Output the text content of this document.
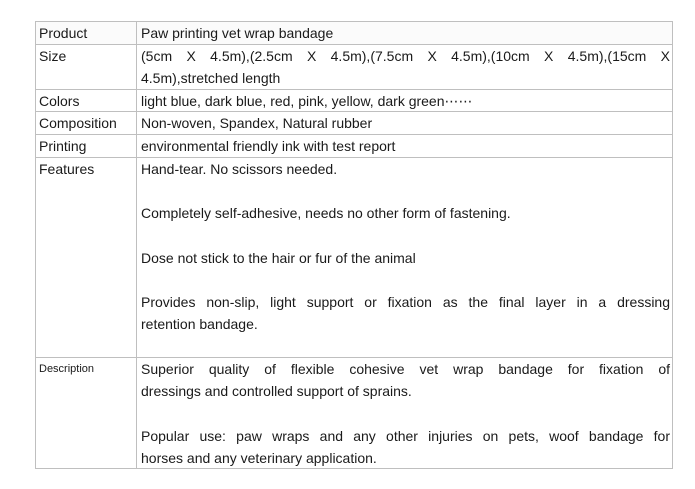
Product	Paw printing vet wrap bandage
Size	(5cm X 4.5m),(2.5cm X 4.5m),(7.5cm X 4.5m),(10cm X 4.5m),(15cm X
4.5m),stretched length
Colors	light blue, dark blue, red, pink, yellow, dark green⋯⋯
Composition	Non-woven, Spandex, Natural rubber
Printing	environmental friendly ink with test report
Features	Hand-tear. No scissors needed.
Completely self-adhesive, needs no other form of fastening.
Dose not stick to the hair or fur of the animal
Provides non-slip, light support or fixation as the final layer in a dressing
retention bandage.
Description	Superior quality of flexible cohesive vet wrap bandage for fixation of
dressings and controlled support of sprains.
Popular use: paw wraps and any other injuries on pets, woof bandage for
horses and any veterinary application.
